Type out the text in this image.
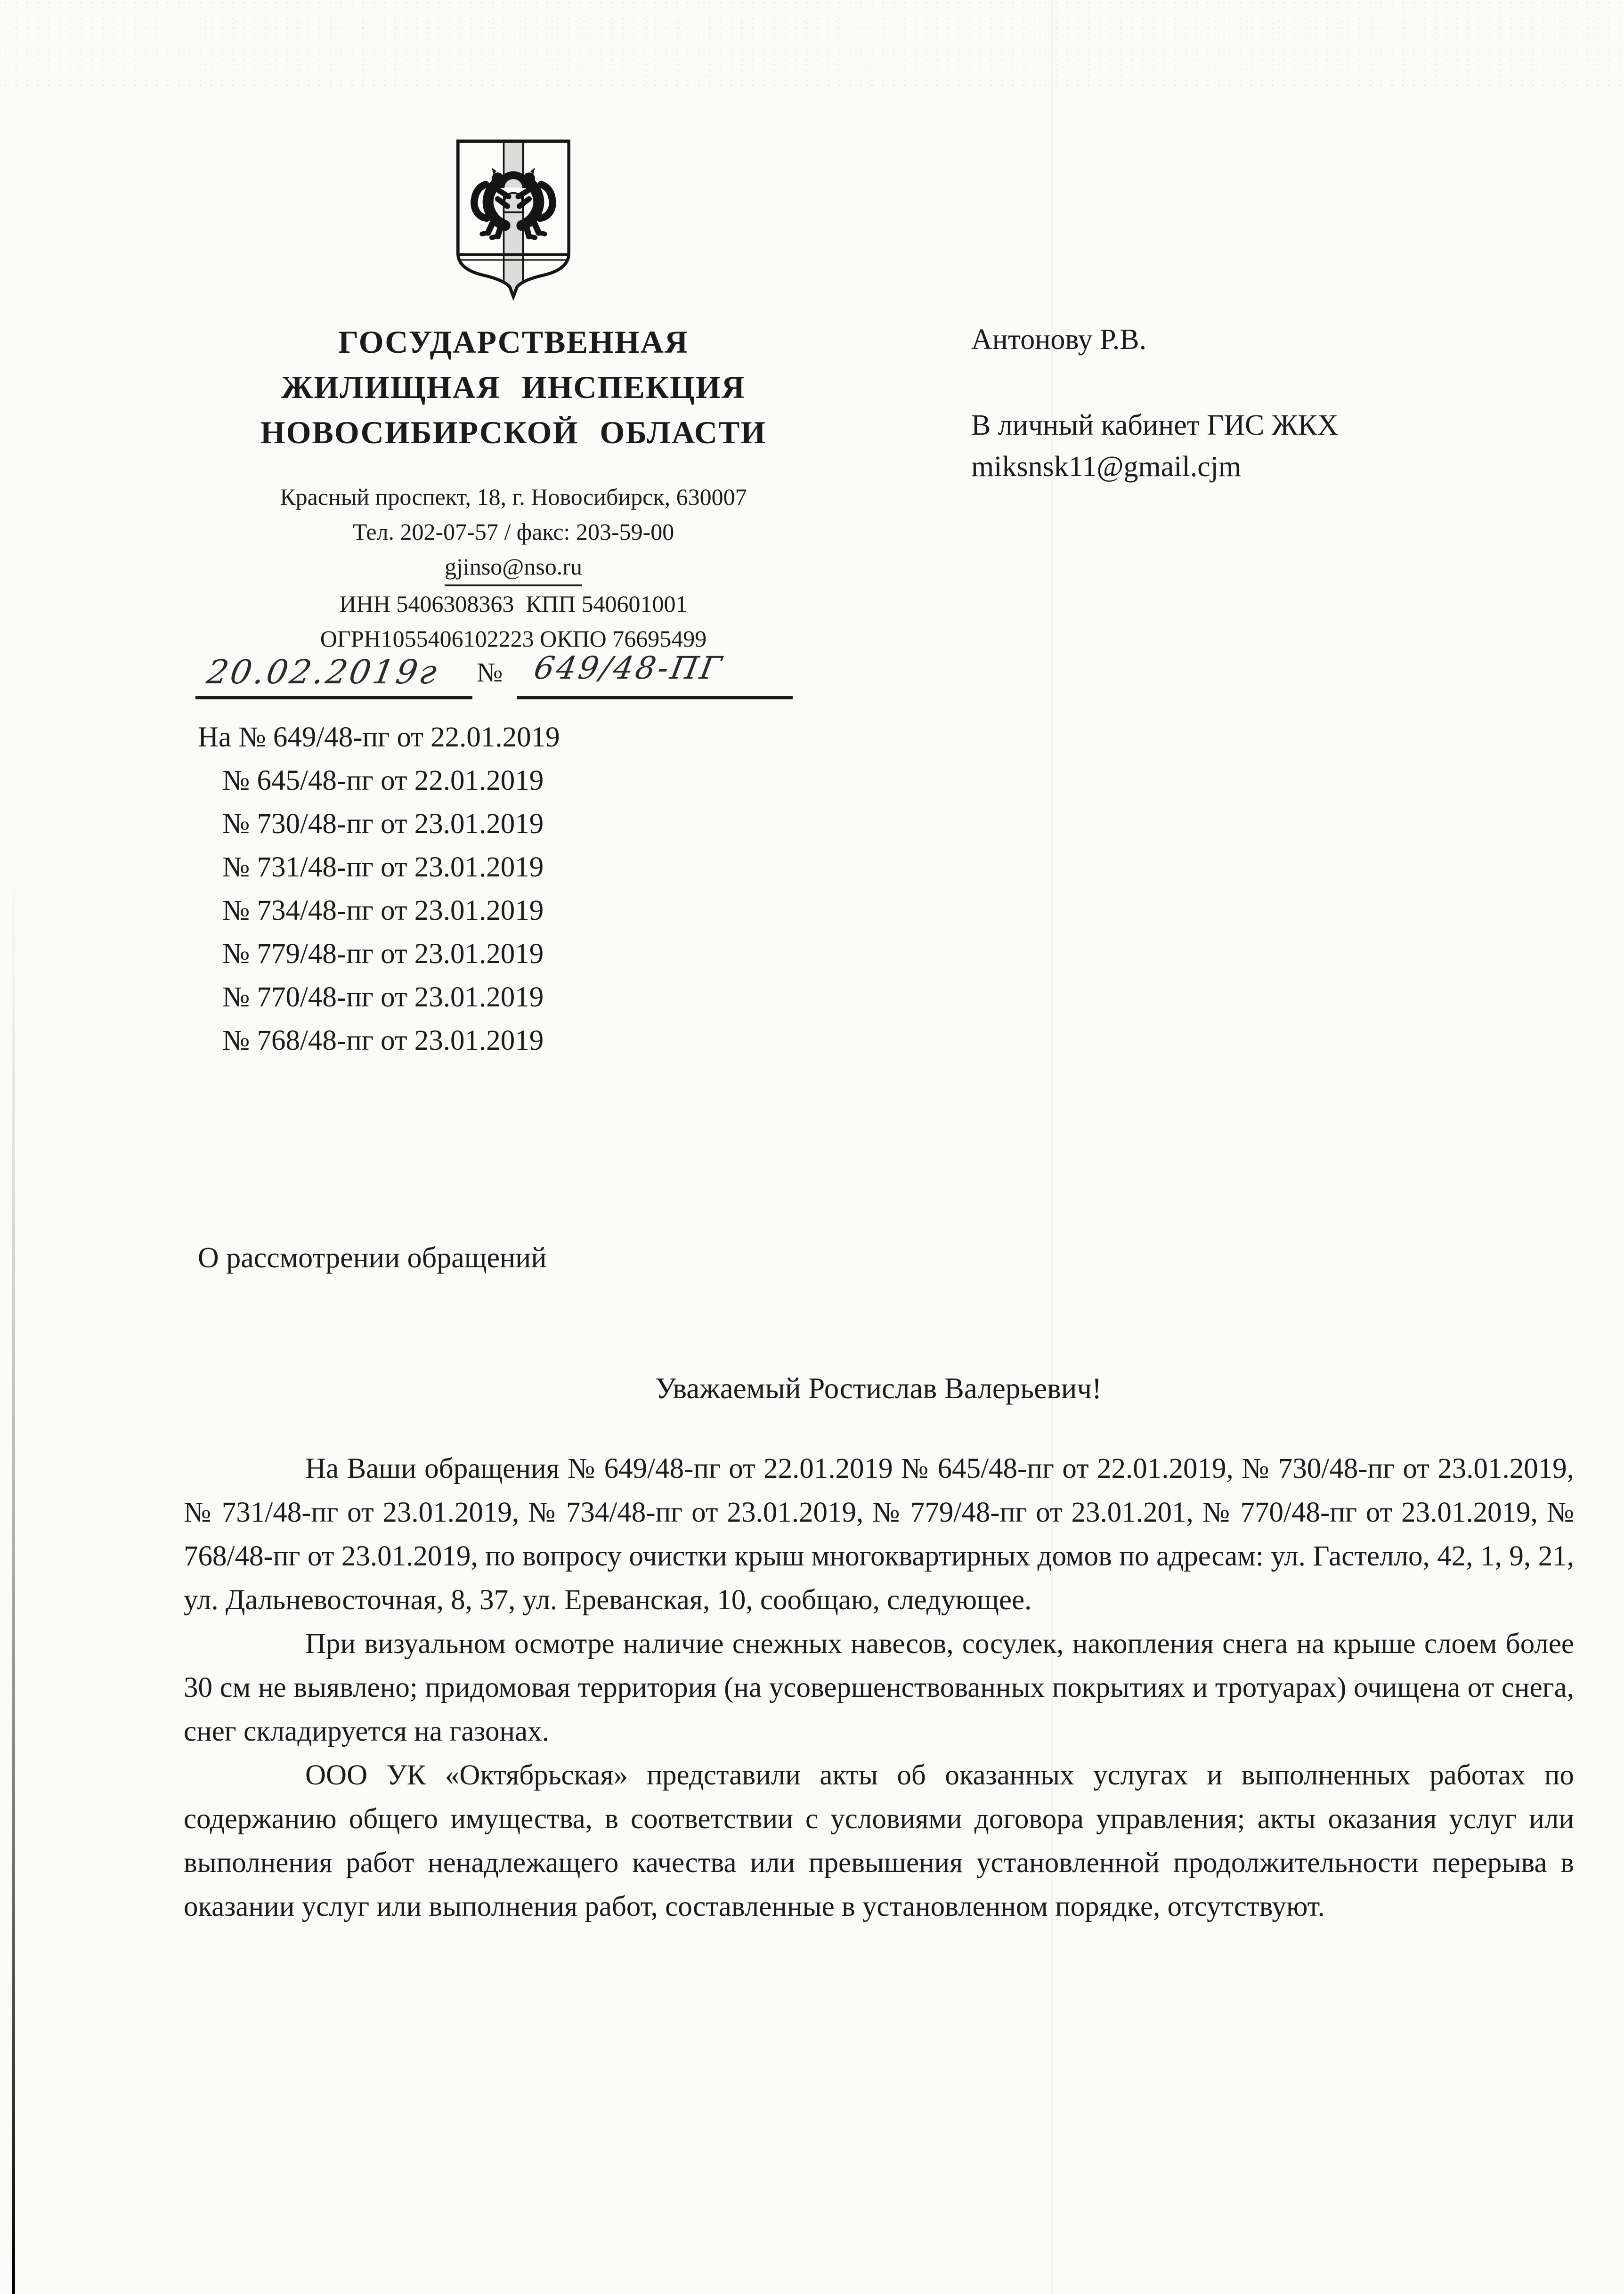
ГОСУДАРСТВЕННАЯ
ЖИЛИЩНАЯ ИНСПЕКЦИЯ
НОВОСИБИРСКОЙ ОБЛАСТИ
Красный проспект, 18, г. Новосибирск, 630007
Тел. 202-07-57 / факс: 203-59-00
gjinso@nso.ru
ИНН 5406308363 КПП 540601001
ОГРН1055406102223 ОКПО 76695499
20.02.2019г	№ 649/48-ПГ
На № 649/48-пг от 22.01.2019
№ 645/48-пг от 22.01.2019
№ 730/48-пг от 23.01.2019
№ 731/48-пг от 23.01.2019
№ 734/48-пг от 23.01.2019
№ 779/48-пг от 23.01.2019
№ 770/48-пг от 23.01.2019
№ 768/48-пг от 23.01.2019
Антонову Р.В.
В личный кабинет ГИС ЖКХ
miksnsk11@gmail.cjm
О рассмотрении обращений
Уважаемый Ростислав Валерьевич!

На Ваши обращения № 649/48-пг от 22.01.2019 № 645/48-пг от 22.01.2019, № 730/48-пг от 23.01.2019, № 731/48-пг от 23.01.2019, № 734/48-пг от 23.01.2019, № 779/48-пг от 23.01.201, № 770/48-пг от 23.01.2019, № 768/48-пг от 23.01.2019, по вопросу очистки крыш многоквартирных домов по адресам: ул. Гастелло, 42, 1, 9, 21, ул. Дальневосточная, 8, 37, ул. Ереванская, 10, сообщаю, следующее.

При визуальном осмотре наличие снежных навесов, сосулек, накопления снега на крыше слоем более 30 см не выявлено; придомовая территория (на усовершенствованных покрытиях и тротуарах) очищена от снега, снег складируется на газонах.

ООО УК «Октябрьская» представили акты об оказанных услугах и выполненных работах по содержанию общего имущества, в соответствии с условиями договора управления; акты оказания услуг или выполнения работ ненадлежащего качества или превышения установленной продолжительности перерыва в оказании услуг или выполнения работ, составленные в установленном порядке, отсутствуют.
